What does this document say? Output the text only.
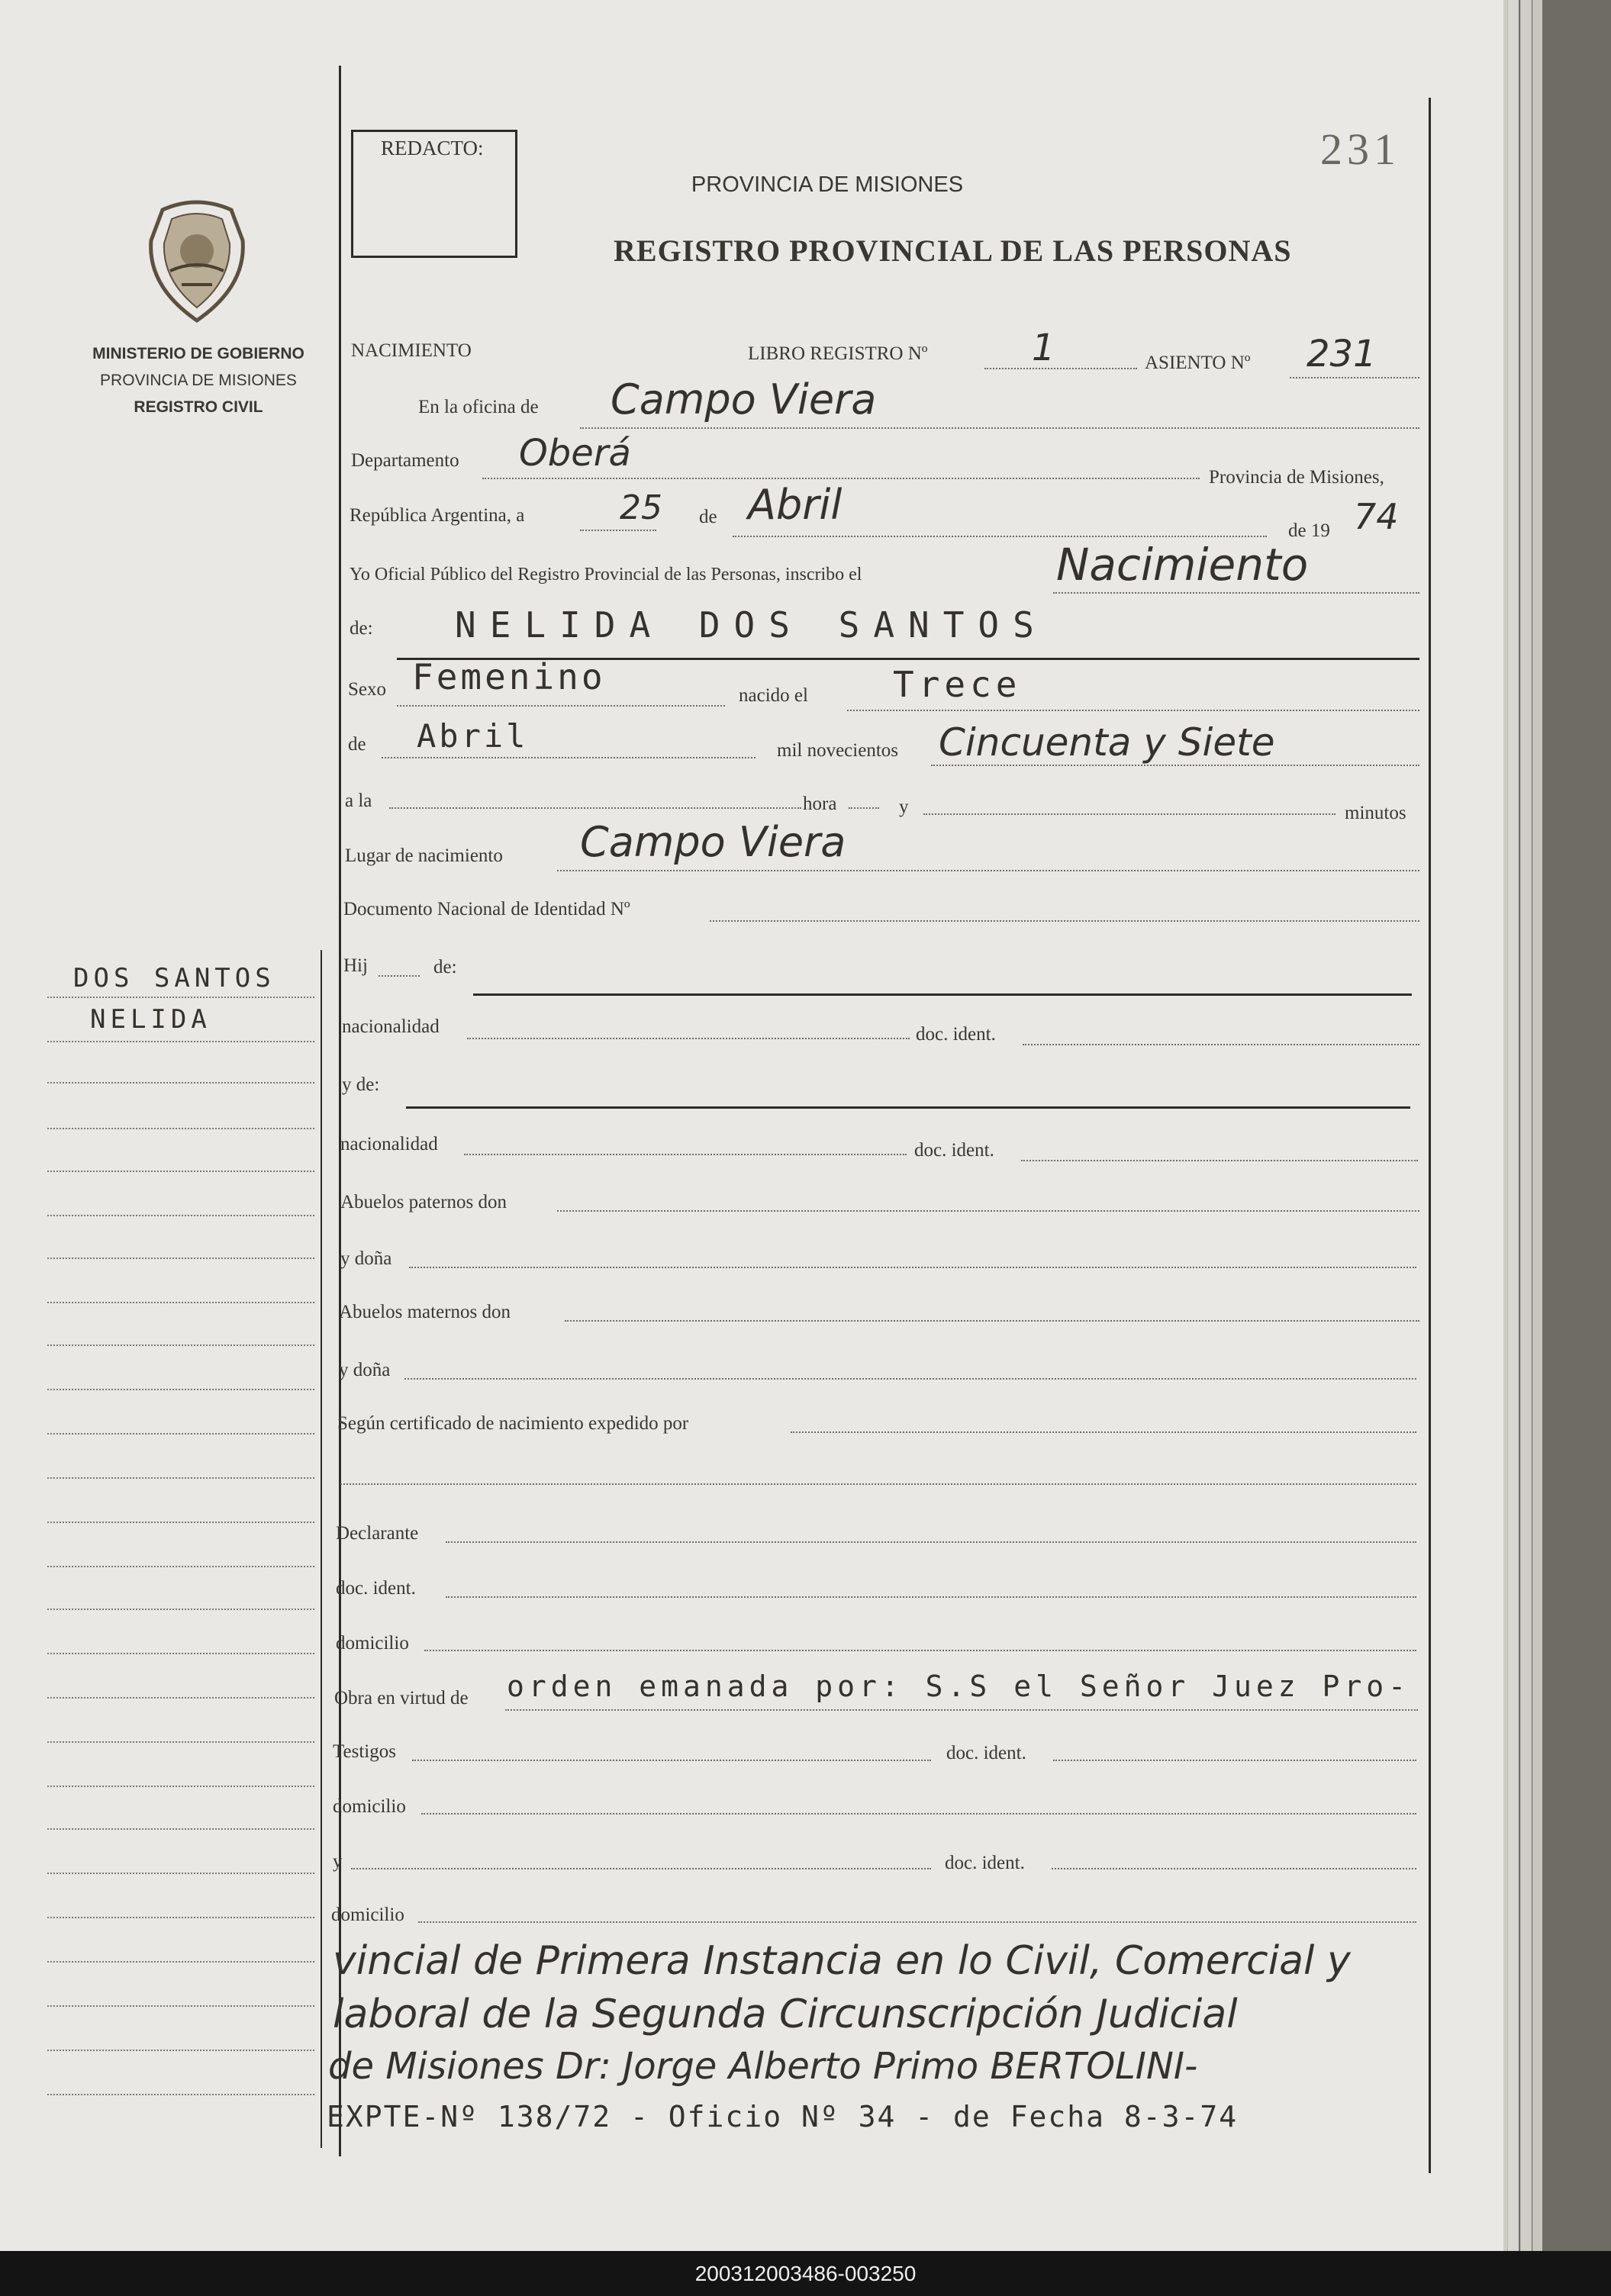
REDACTO:	231
PROVINCIA DE MISIONES
REGISTRO PROVINCIAL DE LAS PERSONAS
MINISTERIO DE GOBIERNO
PROVINCIA DE MISIONES
REGISTRO CIVIL
DOS SANTOS
NELIDA
NACIMIENTO	LIBRO REGISTRO Nº	1	ASIENTO Nº 231
En la oficina de Campo Viera
Departamento Oberá
Provincia de Misiones,
República Argentina, a	25 de Abril
de 19 74
Yo Oficial Público del Registro Provincial de las Personas, inscribo el	Nacimiento
de: NELIDA DOS SANTOS
Sexo Femenino	nacido el Trece
de Abril	mil novecientos Cincuenta y Siete
a la	hora	y	minutos
Lugar de nacimiento Campo Viera
Documento Nacional de Identidad Nº
Hij	de:
nacionalidad	doc. ident.
y de:
nacionalidad	doc. ident.
Abuelos paternos don
y doña
Abuelos maternos don
y doña
Según certificado de nacimiento expedido por
Declarante
doc. ident.
domicilio
Obra en virtud de orden emanada por: S.S el Señor Juez Pro-
Testigos	doc. ident.
domicilio
y	doc. ident.
domicilio
vincial de Primera Instancia en lo Civil, Comercial y
laboral de la Segunda Circunscripción Judicial
de Misiones Dr: Jorge Alberto Primo BERTOLINI-
EXPTE-Nº 138/72 - Oficio Nº 34 - de Fecha 8-3-74
200312003486-003250
